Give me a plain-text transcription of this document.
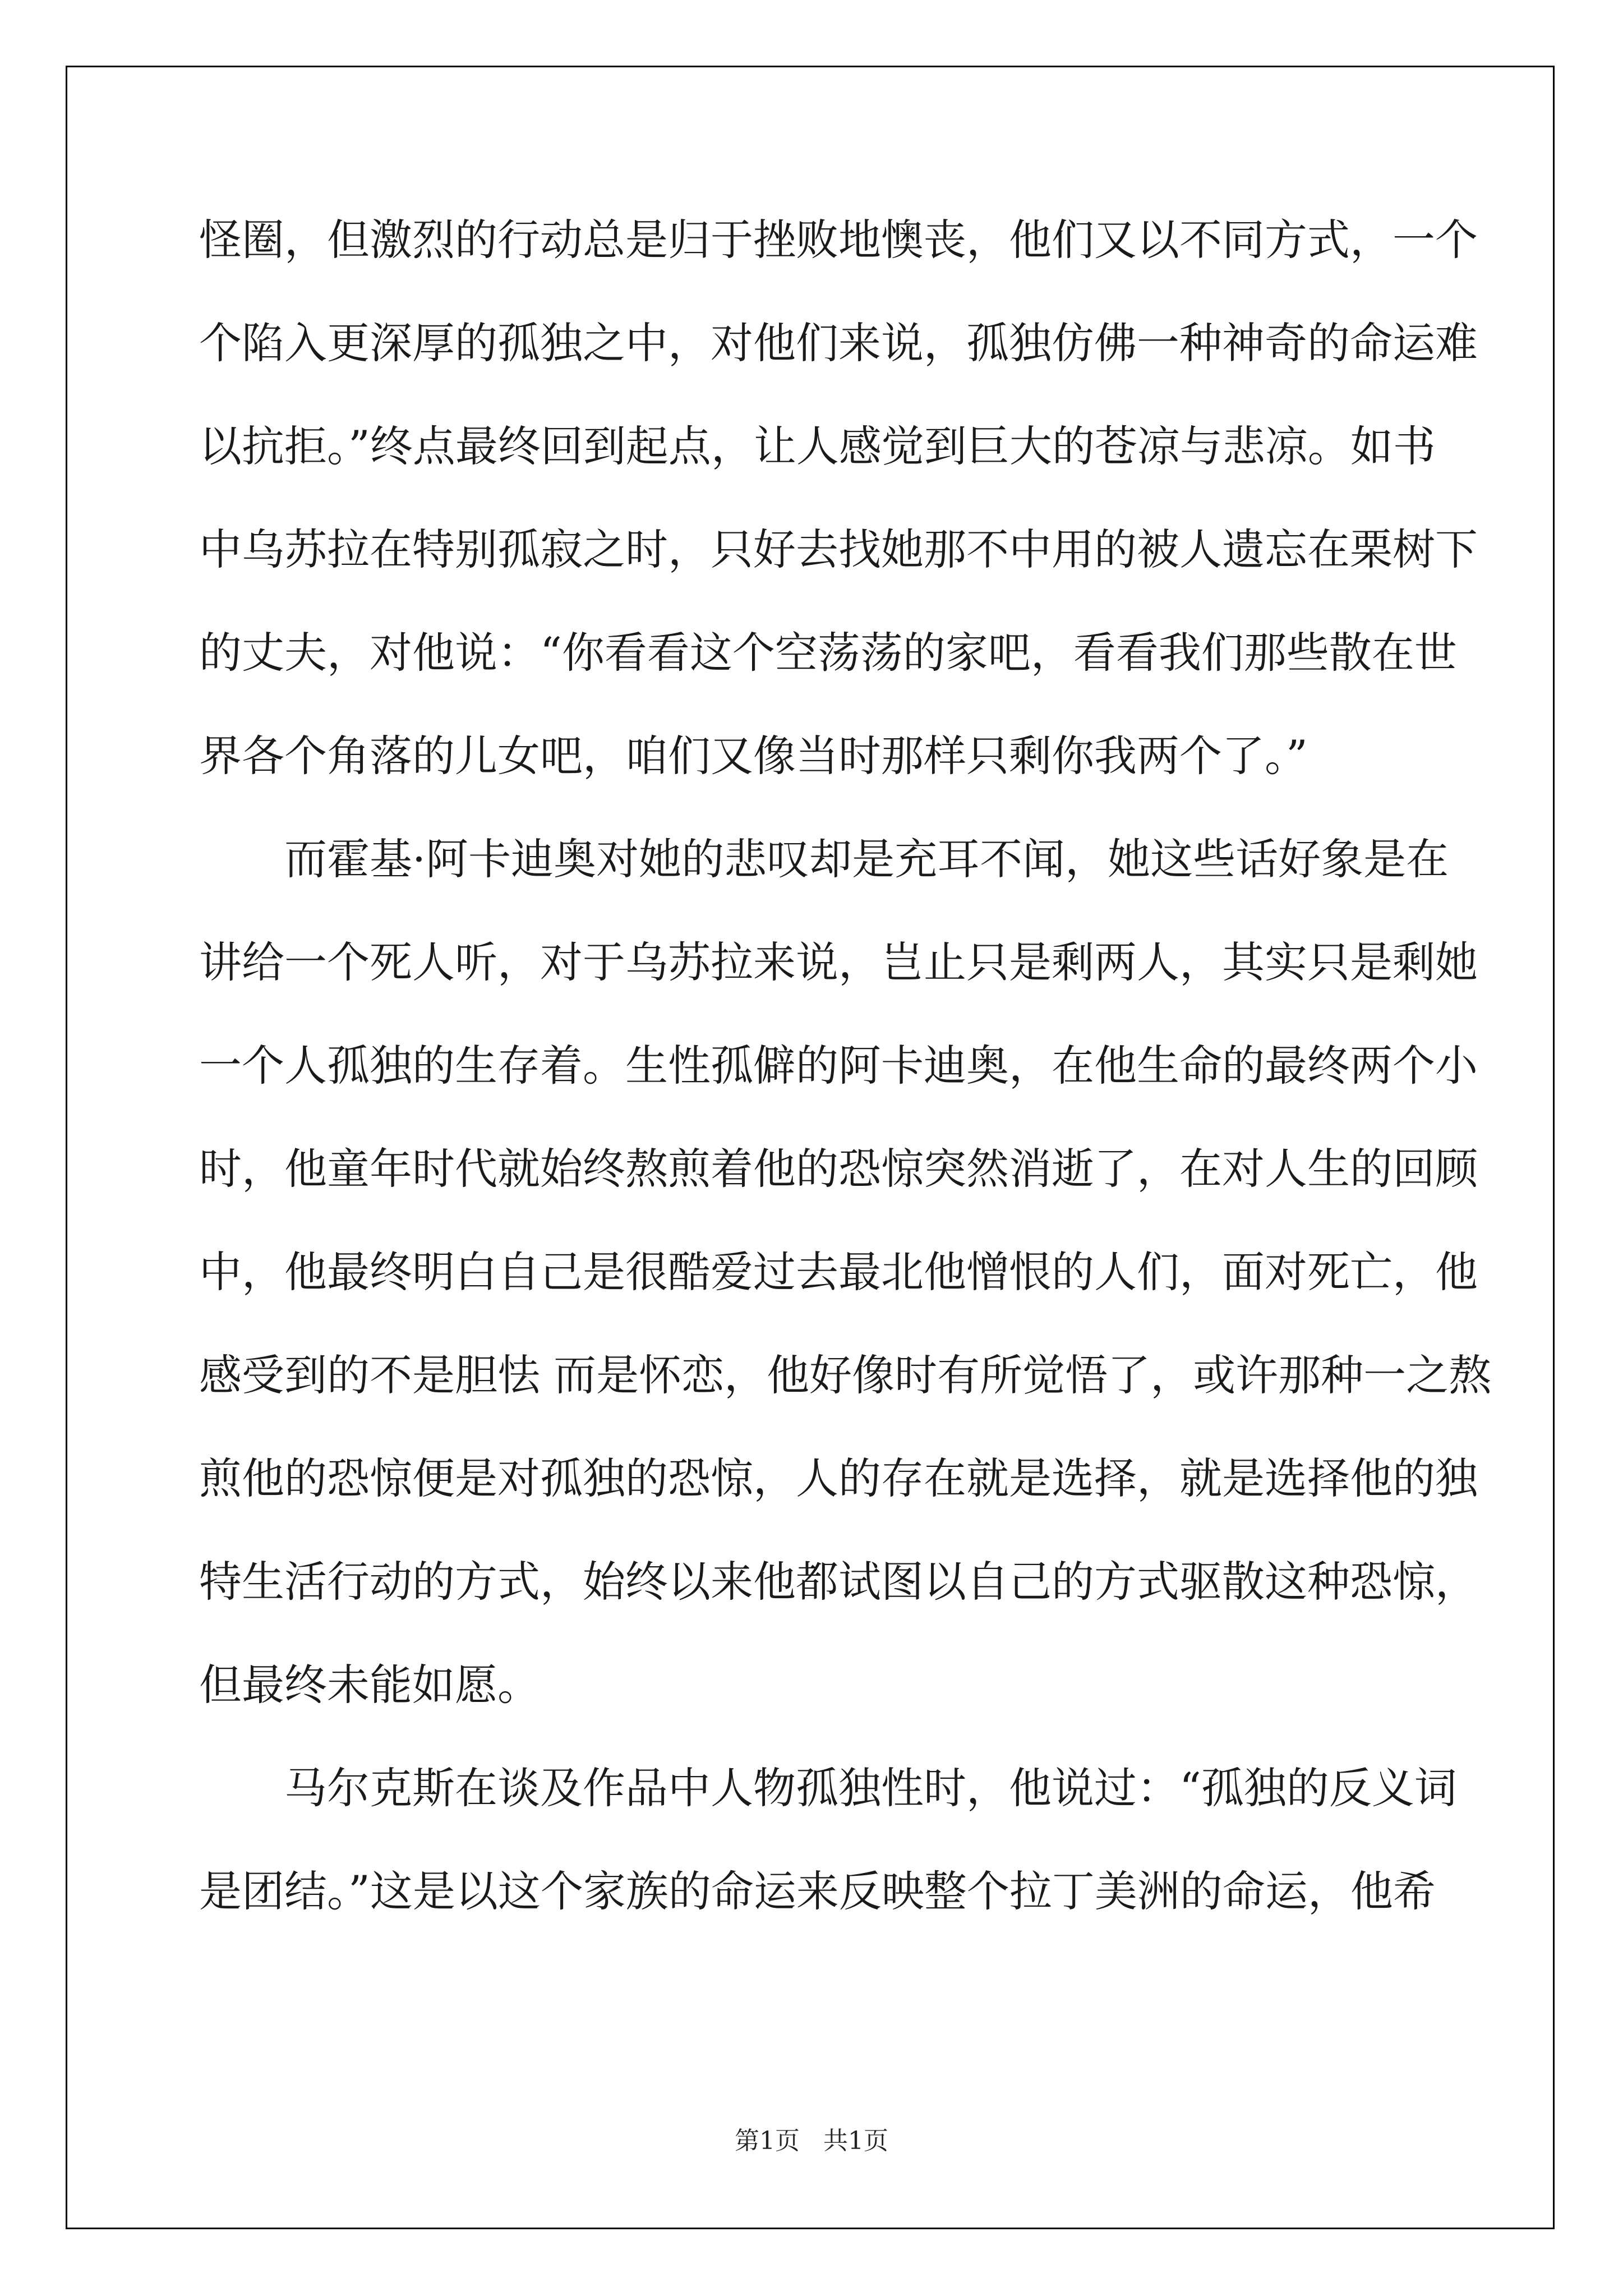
怪圈，但激烈的行动总是归于挫败地懊丧，他们又以不同方式，一个
个陷入更深厚的孤独之中，对他们来说，孤独仿佛一种神奇的命运难
以抗拒。”终点最终回到起点，让人感觉到巨大的苍凉与悲凉。如书
中乌苏拉在特别孤寂之时，只好去找她那不中用的被人遗忘在栗树下
的丈夫，对他说：“你看看这个空荡荡的家吧，看看我们那些散在世
界各个角落的儿女吧，咱们又像当时那样只剩你我两个了。”
而霍基·阿卡迪奥对她的悲叹却是充耳不闻，她这些话好象是在
讲给一个死人听，对于乌苏拉来说，岂止只是剩两人，其实只是剩她
一个人孤独的生存着。生性孤僻的阿卡迪奥，在他生命的最终两个小
时，他童年时代就始终熬煎着他的恐惊突然消逝了，在对人生的回顾
中，他最终明白自己是很酷爱过去最北他憎恨的人们，面对死亡，他
感受到的不是胆怯 而是怀恋，他好像时有所觉悟了，或许那种一之熬
煎他的恐惊便是对孤独的恐惊，人的存在就是选择，就是选择他的独
特生活行动的方式，始终以来他都试图以自己的方式驱散这种恐惊，
但最终未能如愿。
马尔克斯在谈及作品中人物孤独性时，他说过：“孤独的反义词
是团结。”这是以这个家族的命运来反映整个拉丁美洲的命运，他希
第1页   共1页
